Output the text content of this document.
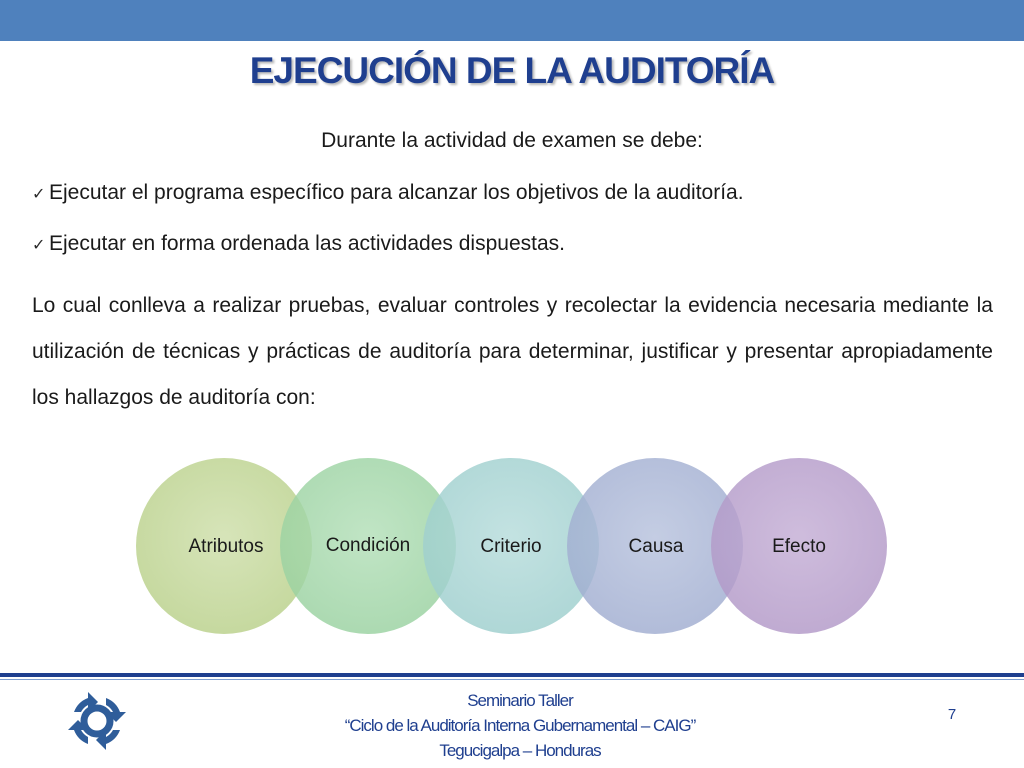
EJECUCIÓN DE LA AUDITORÍA
Durante la actividad de examen se debe:
✓ Ejecutar el programa específico para alcanzar los objetivos de la auditoría.
✓ Ejecutar en forma ordenada las actividades dispuestas.

Lo cual conlleva a realizar pruebas, evaluar controles y recolectar la evidencia necesaria mediante la utilización de técnicas y prácticas de auditoría para determinar, justificar y presentar apropiadamente los hallazgos de auditoría con:

Atributos	Condición	Criterio	Causa	Efecto
Seminario Taller
“Ciclo de la Auditoría Interna Gubernamental – CAIG”
Tegucigalpa – Honduras
7
